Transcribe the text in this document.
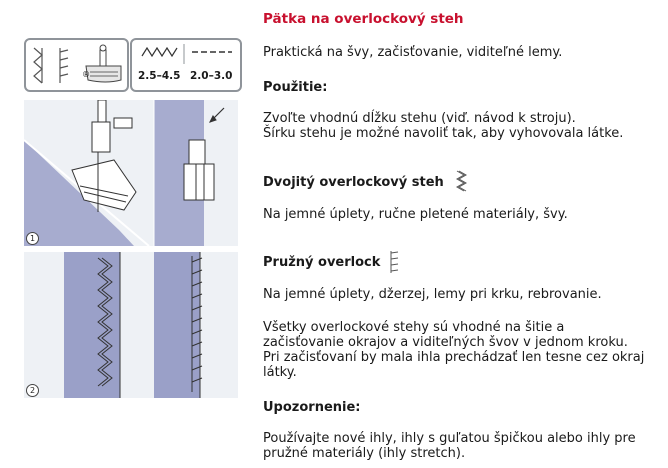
®	2.5–4.5 2.0–3.0
1
2
Pätka na overlockový steh
Praktická na švy, začisťovanie, viditeľné lemy.
Použitie:
Zvoľte vhodnú dĺžku stehu (viď. návod k stroju).
Šírku stehu je možné navoliť tak, aby vyhovovala látke.
Dvojitý overlockový steh
Na jemné úplety, ručne pletené materiály, švy.
Pružný overlock
Na jemné úplety, džerzej, lemy pri krku, rebrovanie.
Všetky overlockové stehy sú vhodné na šitie a
začisťovanie okrajov a viditeľných švov v jednom kroku.
Pri začisťovaní by mala ihla prechádzať len tesne cez okraj
látky.
Upozornenie:
Používajte nové ihly, ihly s guľatou špičkou alebo ihly pre
pružné materiály (ihly stretch).
